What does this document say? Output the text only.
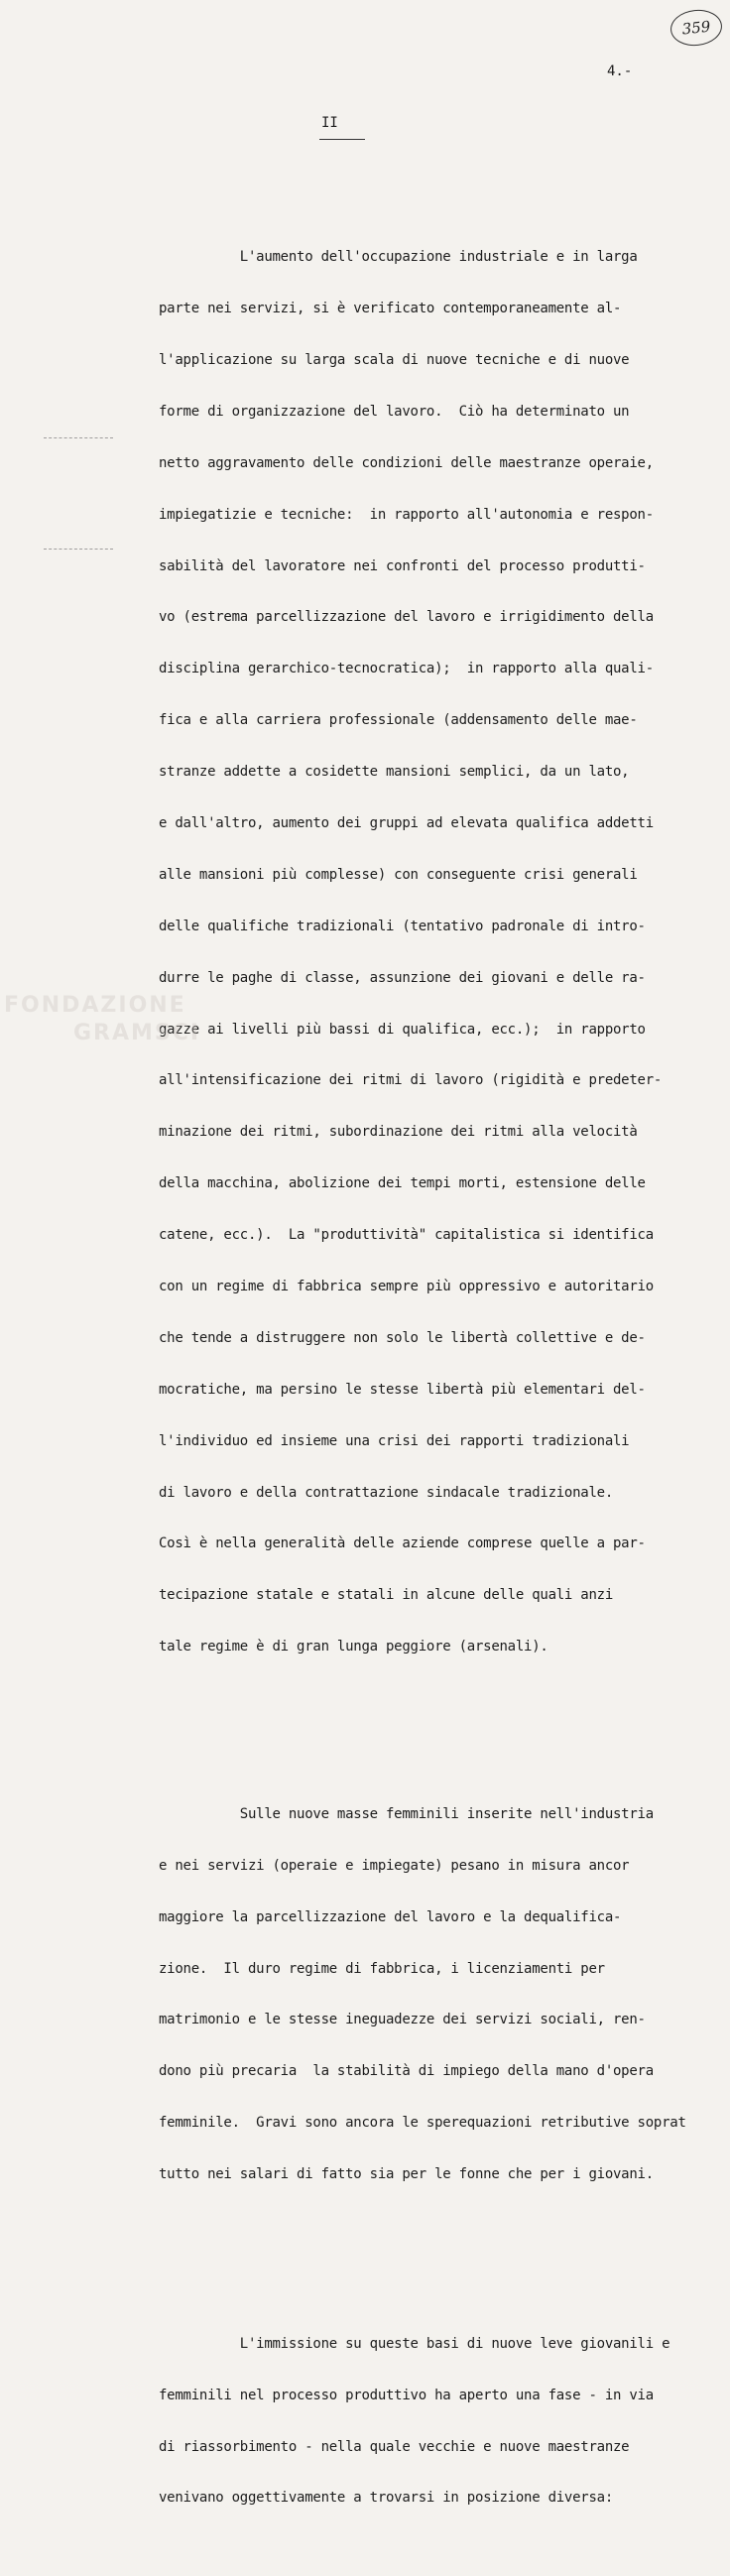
359
4.-
II

L'aumento dell'occupazione industriale e in larga

parte nei servizi, si è verificato contemporaneamente al-

l'applicazione su larga scala di nuove tecniche e di nuove

forme di organizzazione del lavoro.  Ciò ha determinato un

netto aggravamento delle condizioni delle maestranze operaie,

impiegatizie e tecniche:  in rapporto all'autonomia e respon-

sabilità del lavoratore nei confronti del processo produtti-

vo (estrema parcellizzazione del lavoro e irrigidimento della

disciplina gerarchico-tecnocratica);  in rapporto alla quali-

fica e alla carriera professionale (addensamento delle mae-

stranze addette a cosidette mansioni semplici, da un lato,

e dall'altro, aumento dei gruppi ad elevata qualifica addetti

alle mansioni più complesse) con conseguente crisi generali

delle qualifiche tradizionali (tentativo padronale di intro-

durre le paghe di classe, assunzione dei giovani e delle ra-

gazze ai livelli più bassi di qualifica, ecc.);  in rapporto

all'intensificazione dei ritmi di lavoro (rigidità e predeter-

minazione dei ritmi, subordinazione dei ritmi alla velocità

della macchina, abolizione dei tempi morti, estensione delle

catene, ecc.).  La "produttività" capitalistica si identifica

con un regime di fabbrica sempre più oppressivo e autoritario

che tende a distruggere non solo le libertà collettive e de-

mocratiche, ma persino le stesse libertà più elementari del-

l'individuo ed insieme una crisi dei rapporti tradizionali

di lavoro e della contrattazione sindacale tradizionale.

Così è nella generalità delle aziende comprese quelle a par-

tecipazione statale e statali in alcune delle quali anzi

tale regime è di gran lunga peggiore (arsenali).

Sulle nuove masse femminili inserite nell'industria

e nei servizi (operaie e impiegate) pesano in misura ancor

maggiore la parcellizzazione del lavoro e la dequalifica-

zione.  Il duro regime di fabbrica, i licenziamenti per

matrimonio e le stesse ineguadezze dei servizi sociali, ren-

dono più precaria  la stabilità di impiego della mano d'opera

femminile.  Gravi sono ancora le sperequazioni retributive soprat

tutto nei salari di fatto sia per le fonne che per i giovani.

L'immissione su queste basi di nuove leve giovanili e

femminili nel processo produttivo ha aperto una fase - in via

di riassorbimento - nella quale vecchie e nuove maestranze

venivano oggettivamente a trovarsi in posizione diversa:

FONDAZIONE
GRAMSCI
